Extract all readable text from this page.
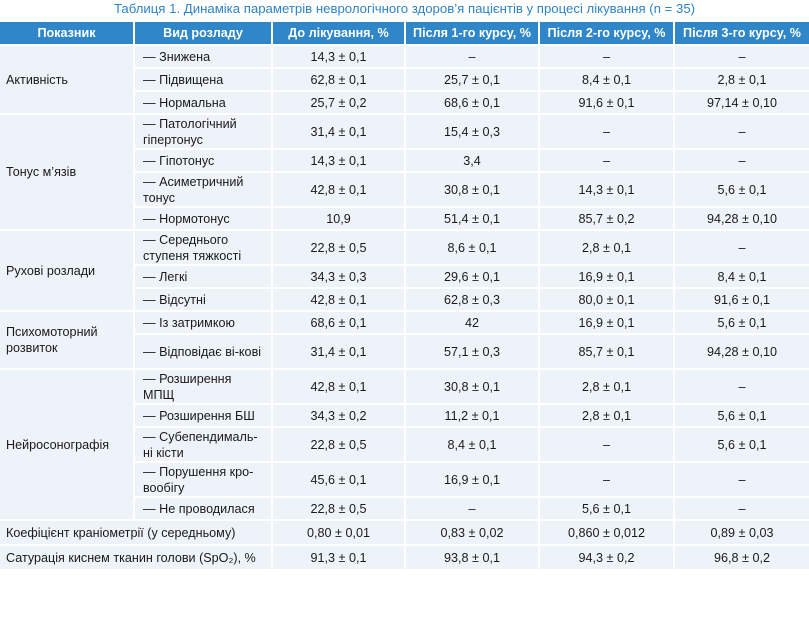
Таблиця 1. Динаміка параметрів неврологічного здоров’я пацієнтів у процесі лікування (n = 35)
Показник	Вид розладу	До лікування, %	Після 1-го курсу, %	Після 2-го курсу, %	Після 3-го курсу, %
Активність	— Знижена	14,3 ± 0,1	–	–	–
	— Підвищена	62,8 ± 0,1	25,7 ± 0,1	8,4 ± 0,1	2,8 ± 0,1
	— Нормальна	25,7 ± 0,2	68,6 ± 0,1	91,6 ± 0,1	97,14 ± 0,10
Тонус м’язів	— Патологічний гіпертонус	31,4 ± 0,1	15,4 ± 0,3	–	–
	— Гіпотонус	14,3 ± 0,1	3,4	–	–
	— Асиметричний тонус	42,8 ± 0,1	30,8 ± 0,1	14,3 ± 0,1	5,6 ± 0,1
	— Нормотонус	10,9	51,4 ± 0,1	85,7 ± 0,2	94,28 ± 0,10
Рухові розлади	— Середнього ступеня тяжкості	22,8 ± 0,5	8,6 ± 0,1	2,8 ± 0,1	–
	— Легкі	34,3 ± 0,3	29,6 ± 0,1	16,9 ± 0,1	8,4 ± 0,1
	— Відсутні	42,8 ± 0,1	62,8 ± 0,3	80,0 ± 0,1	91,6 ± 0,1
Психомоторний розвиток	— Із затримкою	68,6 ± 0,1	42	16,9 ± 0,1	5,6 ± 0,1
	— Відповідає ві-кові	31,4 ± 0,1	57,1 ± 0,3	85,7 ± 0,1	94,28 ± 0,10
Нейросонографія	— Розширення МПЩ	42,8 ± 0,1	30,8 ± 0,1	2,8 ± 0,1	–
	— Розширення БШ	34,3 ± 0,2	11,2 ± 0,1	2,8 ± 0,1	5,6 ± 0,1
	— Субепендималь-ні кісти	22,8 ± 0,5	8,4 ± 0,1	–	5,6 ± 0,1
	— Порушення кро-вообігу	45,6 ± 0,1	16,9 ± 0,1	–	–
	— Не проводилася	22,8 ± 0,5	–	5,6 ± 0,1	–
Коефіцієнт краніометрії (у середньому)		0,80 ± 0,01	0,83 ± 0,02	0,860 ± 0,012	0,89 ± 0,03
Сатурація киснем тканин голови (SpO₂), %		91,3 ± 0,1	93,8 ± 0,1	94,3 ± 0,2	96,8 ± 0,2
